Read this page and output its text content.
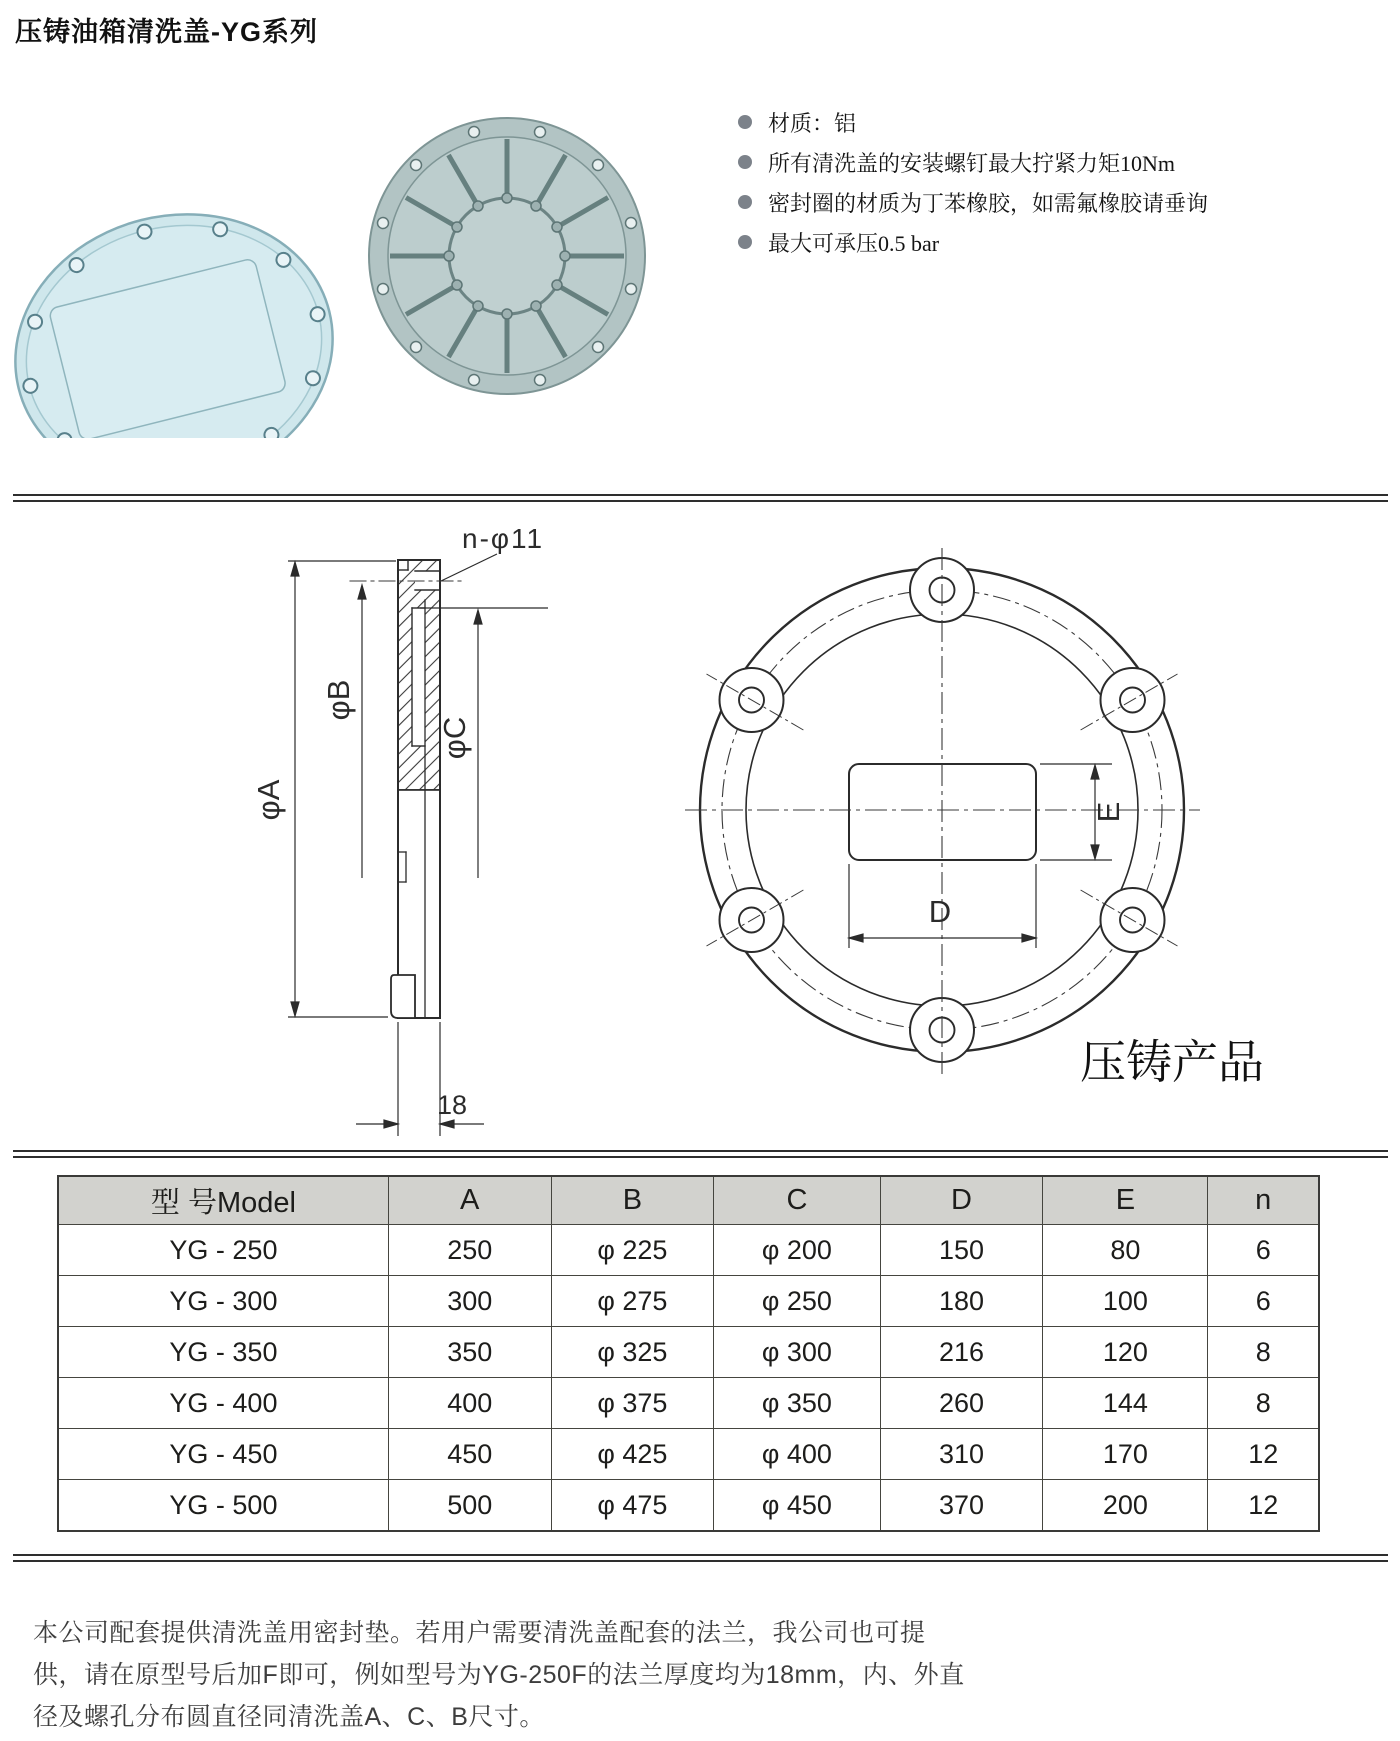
压铸油箱清洗盖-YG系列
材质：铝
所有清洗盖的安装螺钉最大拧紧力矩10Nm
密封圈的材质为丁苯橡胶，如需氟橡胶请垂询
最大可承压0.5 bar
φA
φB
φC
n-φ11
18
D
E
压铸产品
型 号Model	A	B	C	D	E	n
YG - 250	250	φ 225	φ 200	150	80	6
YG - 300	300	φ 275	φ 250	180	100	6
YG - 350	350	φ 325	φ 300	216	120	8
YG - 400	400	φ 375	φ 350	260	144	8
YG - 450	450	φ 425	φ 400	310	170	12
YG - 500	500	φ 475	φ 450	370	200	12
本公司配套提供清洗盖用密封垫。若用户需要清洗盖配套的法兰，我公司也可提
供，请在原型号后加F即可，例如型号为YG-250F的法兰厚度均为18mm，内、外直
径及螺孔分布圆直径同清洗盖A、C、B尺寸。
